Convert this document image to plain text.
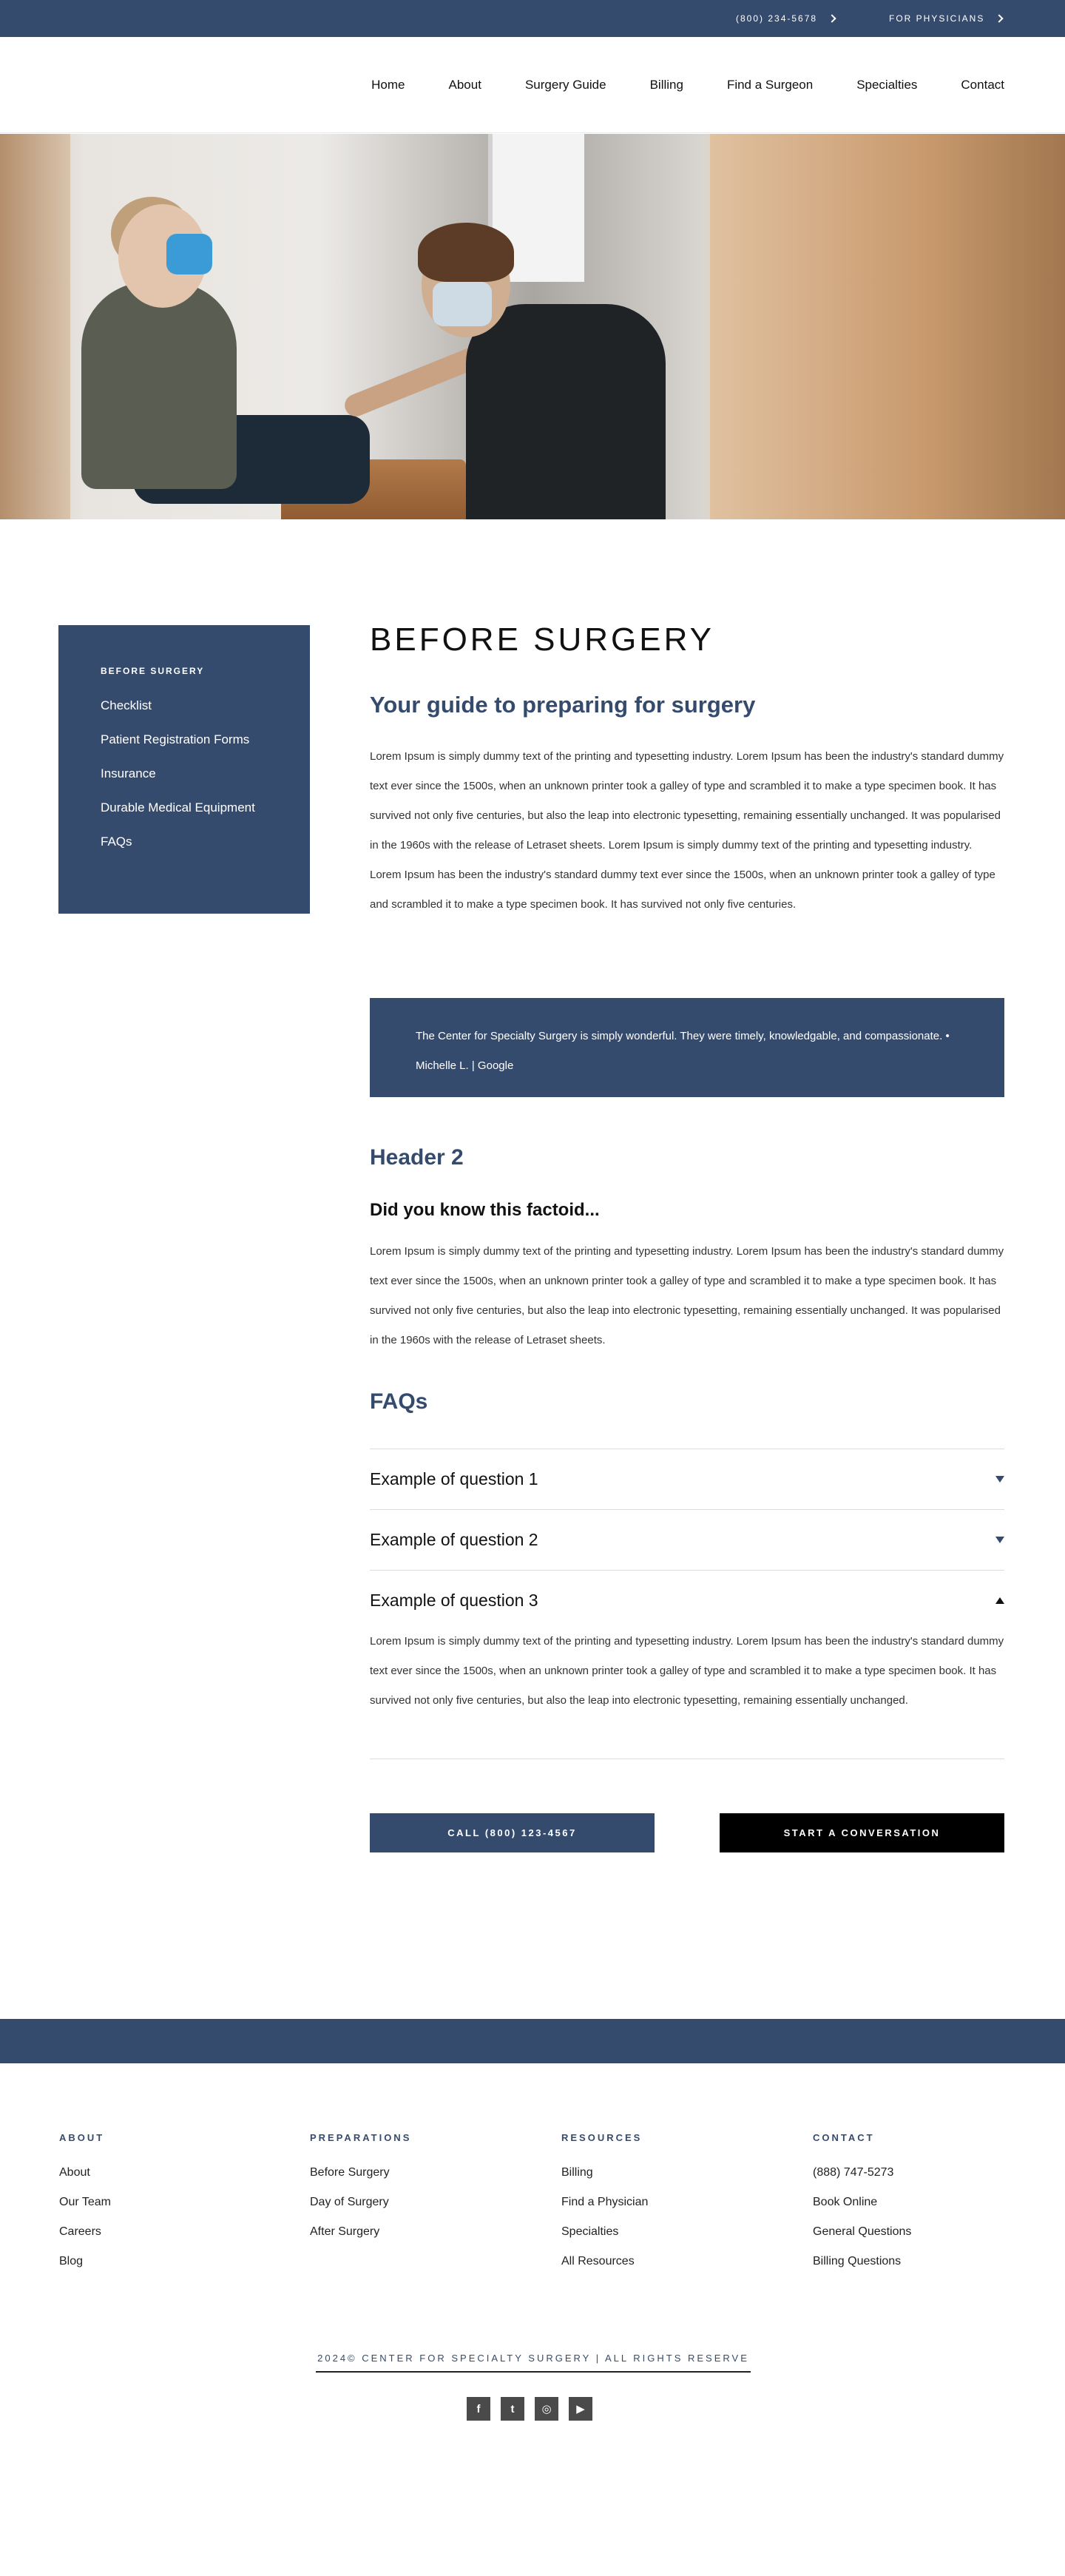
(800) 234-5678	FOR PHYSICIANS
Home	About	Surgery Guide	Billing	Find a Surgeon	Specialties	Contact
BEFORE SURGERY
Checklist
Patient Registration Forms
Insurance
Durable Medical Equipment
FAQs
BEFORE SURGERY
Your guide to preparing for surgery

Lorem Ipsum is simply dummy text of the printing and typesetting industry. Lorem Ipsum has been the industry's standard dummy text ever since the 1500s, when an unknown printer took a galley of type and scrambled it to make a type specimen book. It has survived not only five centuries, but also the leap into electronic typesetting, remaining essentially unchanged. It was popularised in the 1960s with the release of Letraset sheets. Lorem Ipsum is simply dummy text of the printing and typesetting industry. Lorem Ipsum has been the industry's standard dummy text ever since the 1500s, when an unknown printer took a galley of type and scrambled it to make a type specimen book. It has survived not only five centuries.

The Center for Specialty Surgery is simply wonderful. They were timely, knowledgable, and compassionate. • Michelle L. | Google
Header 2
Did you know this factoid...

Lorem Ipsum is simply dummy text of the printing and typesetting industry. Lorem Ipsum has been the industry's standard dummy text ever since the 1500s, when an unknown printer took a galley of type and scrambled it to make a type specimen book. It has survived not only five centuries, but also the leap into electronic typesetting, remaining essentially unchanged. It was popularised in the 1960s with the release of Letraset sheets.

FAQs
Example of question 1
Example of question 2
Example of question 3

Lorem Ipsum is simply dummy text of the printing and typesetting industry. Lorem Ipsum has been the industry's standard dummy text ever since the 1500s, when an unknown printer took a galley of type and scrambled it to make a type specimen book. It has survived not only five centuries, but also the leap into electronic typesetting, remaining essentially unchanged.

CALL (800) 123-4567	START A CONVERSATION
ABOUT
About
Our Team
Careers
Blog
PREPARATIONS
Before Surgery
Day of Surgery
After Surgery
RESOURCES
Billing
Find a Physician
Specialties
All Resources
CONTACT
(888) 747-5273
Book Online
General Questions
Billing Questions
2024© CENTER FOR SPECIALTY SURGERY | ALL RIGHTS RESERVE
f	t	◎	▶
